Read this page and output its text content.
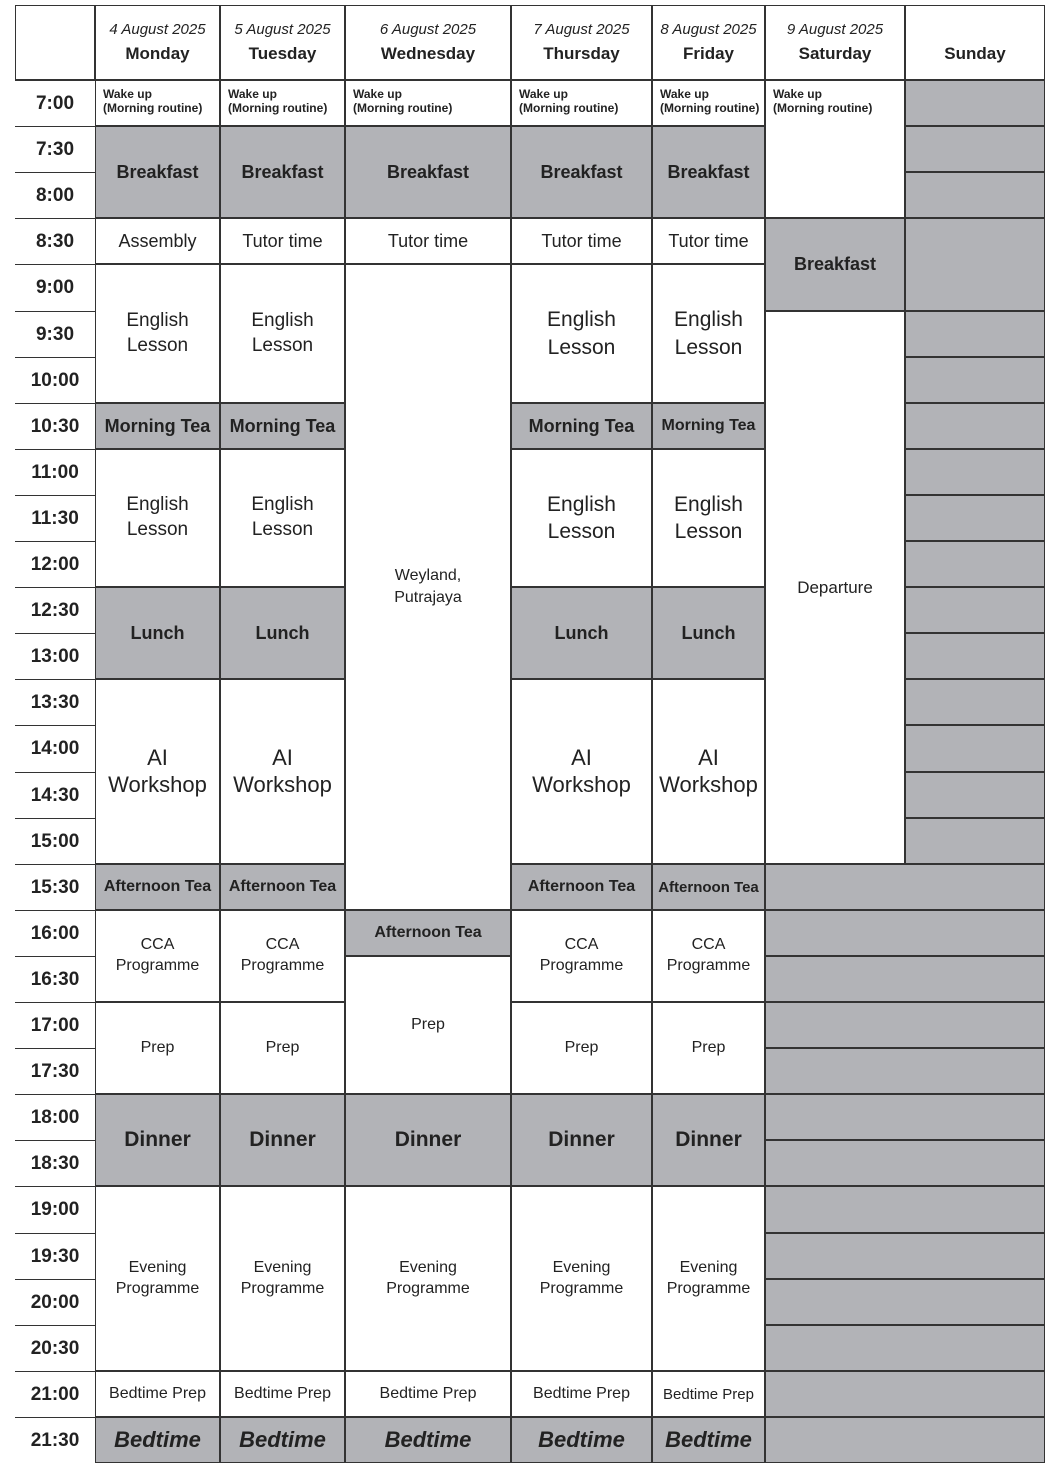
4 August 2025
Monday
5 August 2025
Tuesday
6 August 2025
Wednesday
7 August 2025
Thursday
8 August 2025
Friday
9 August 2025
Saturday
	Sunday
7:00
7:30
8:00
8:30
9:00
9:30
10:00
10:30
11:00
11:30
12:00
12:30
13:00
13:30
14:00
14:30
15:00
15:30
16:00
16:30
17:00
17:30
18:00
18:30
19:00
19:30
20:00
20:30
21:00
21:30
Wake up
(Morning routine)
Breakfast
Assembly
English
Lesson
Morning Tea
English
Lesson
Lunch
AI
Workshop
Afternoon Tea
CCA
Programme
Prep
Dinner
Evening
Programme
Bedtime Prep
Bedtime
Wake up
(Morning routine)
Breakfast
Tutor time
English
Lesson
Morning Tea
English
Lesson
Lunch
AI
Workshop
Afternoon Tea
CCA
Programme
Prep
Dinner
Evening
Programme
Bedtime Prep
Bedtime
Wake up
(Morning routine)
Breakfast
Tutor time
English
Lesson
Morning Tea
English
Lesson
Lunch
AI
Workshop
Afternoon Tea
CCA
Programme
Prep
Dinner
Evening
Programme
Bedtime Prep
Bedtime
Wake up
(Morning routine)
Breakfast
Tutor time
English
Lesson
Morning Tea
English
Lesson
Lunch
AI
Workshop
Afternoon Tea
CCA
Programme
Prep
Dinner
Evening
Programme
Bedtime Prep
Bedtime
Wake up
(Morning routine)
Breakfast
Tutor time
Weyland,
Putrajaya
Afternoon Tea
Prep
Dinner
Evening
Programme
Bedtime Prep
Bedtime
Wake up
(Morning routine)
Breakfast
Departure
